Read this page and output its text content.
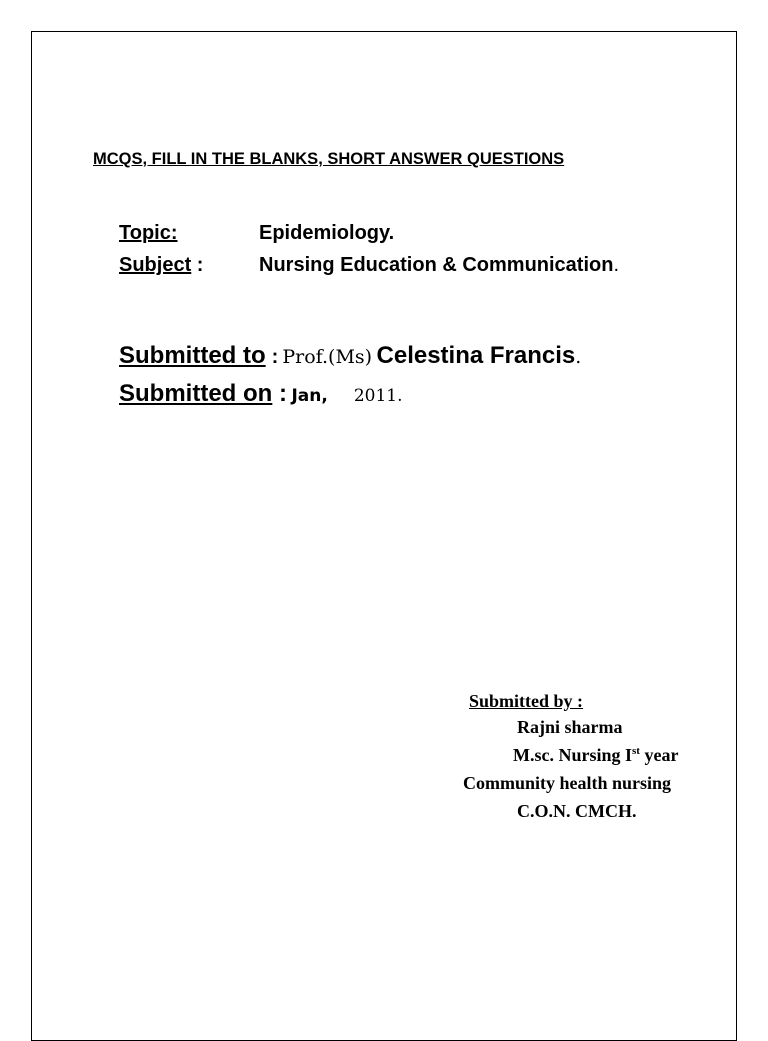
MCQS, FILL IN THE BLANKS, SHORT ANSWER QUESTIONS
Topic:	Epidemiology.
Subject :	Nursing Education & Communication.
Submitted to : Prof.(Ms) Celestina Francis.
Submitted on : Jan, 2011.
Submitted by :
Rajni sharma
M.sc. Nursing Ist year
Community health nursing
C.O.N. CMCH.
